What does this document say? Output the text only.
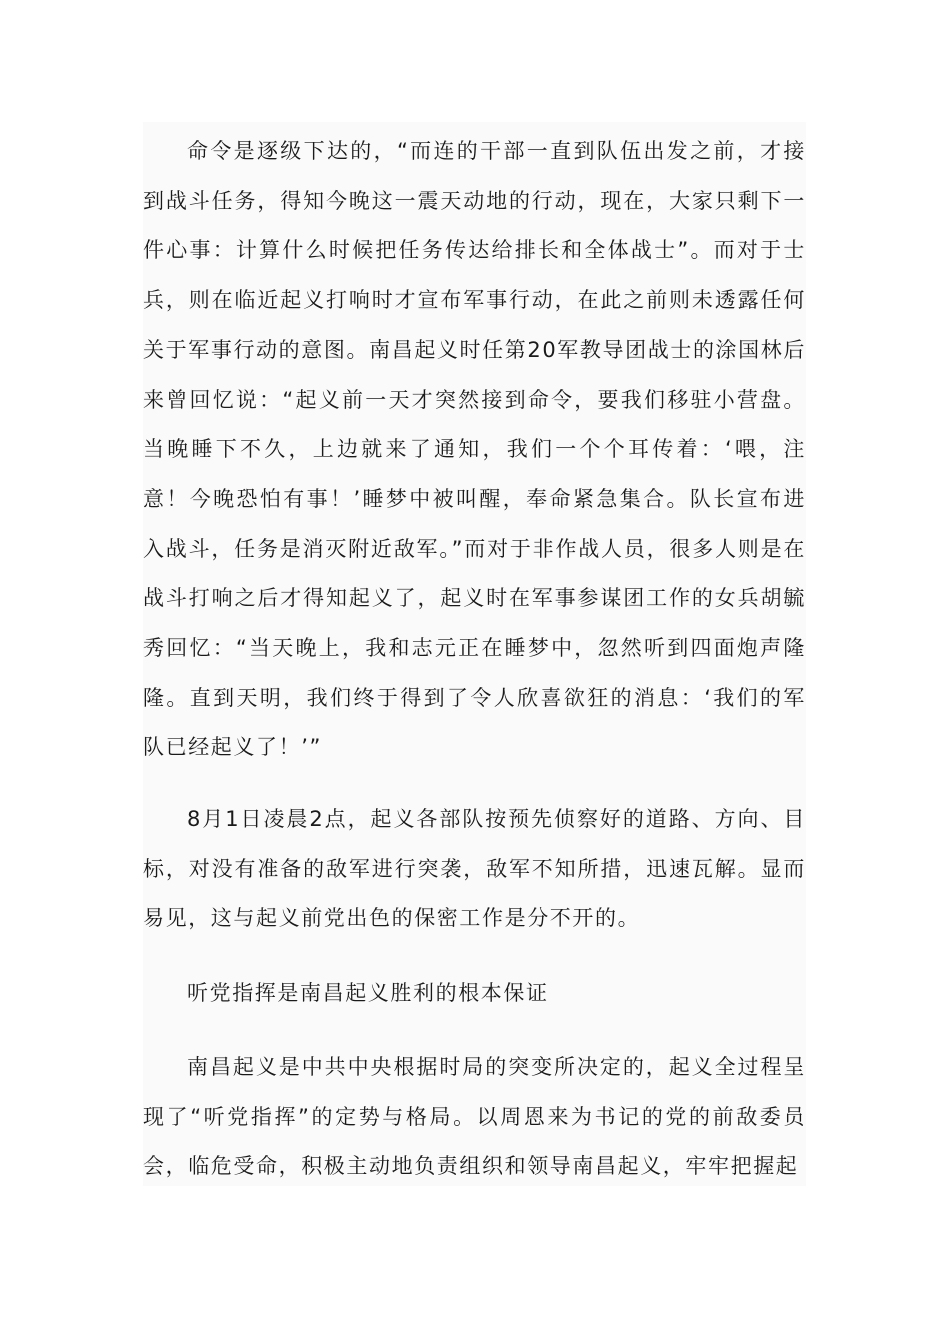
命令是逐级下达的，“而连的干部一直到队伍出发之前，才接到战斗任务，得知今晚这一震天动地的行动，现在，大家只剩下一件心事：计算什么时候把任务传达给排长和全体战士”。而对于士兵，则在临近起义打响时才宣布军事行动，在此之前则未透露任何关于军事行动的意图。南昌起义时任第20军教导团战士的涂国林后来曾回忆说：“起义前一天才突然接到命令，要我们移驻小营盘。当晚睡下不久，上边就来了通知，我们一个个耳传着：‘喂，注意！今晚恐怕有事！’睡梦中被叫醒，奉命紧急集合。队长宣布进入战斗，任务是消灭附近敌军。”而对于非作战人员，很多人则是在战斗打响之后才得知起义了，起义时在军事参谋团工作的女兵胡毓秀回忆：“当天晚上，我和志元正在睡梦中，忽然听到四面炮声隆隆。直到天明，我们终于得到了令人欣喜欲狂的消息：‘我们的军队已经起义了！’”

8月1日凌晨2点，起义各部队按预先侦察好的道路、方向、目标，对没有准备的敌军进行突袭，敌军不知所措，迅速瓦解。显而易见，这与起义前党出色的保密工作是分不开的。

听党指挥是南昌起义胜利的根本保证

南昌起义是中共中央根据时局的突变所决定的，起义全过程呈现了“听党指挥”的定势与格局。以周恩来为书记的党的前敌委员会，临危受命，积极主动地负责组织和领导南昌起义，牢牢把握起
